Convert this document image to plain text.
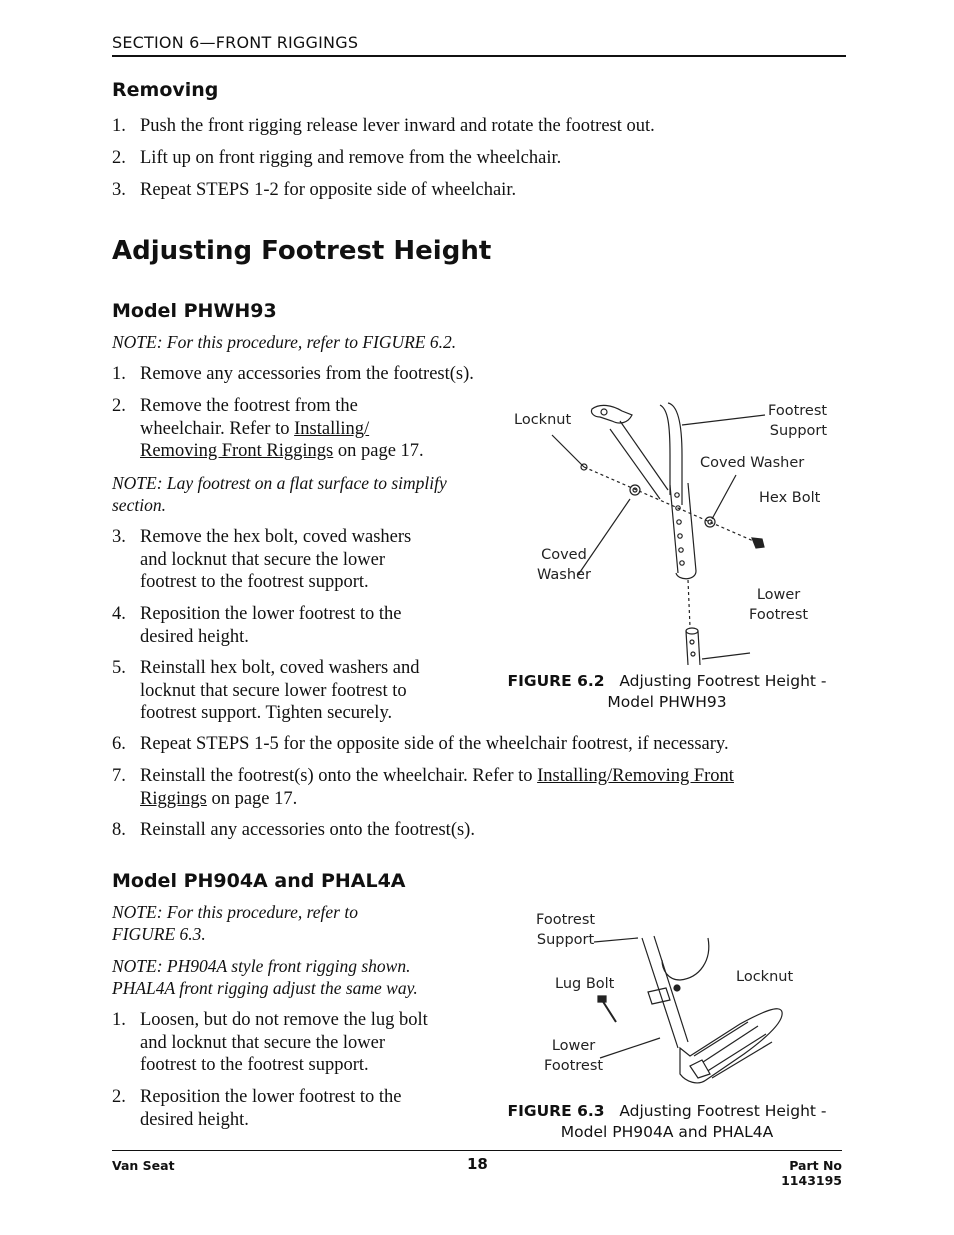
SECTION 6—FRONT RIGGINGS
Removing
1. Push the front rigging release lever inward and rotate the footrest out.
2. Lift up on front rigging and remove from the wheelchair.
3. Repeat STEPS 1-2 for opposite side of wheelchair.
Adjusting Footrest Height
Model PHWH93
NOTE: For this procedure, refer to FIGURE 6.2.
1. Remove any accessories from the footrest(s).
2. Remove the footrest from the
wheelchair. Refer to Installing/
Removing Front Riggings on page 17.
NOTE: Lay footrest on a flat surface to simplify
section.
3. Remove the hex bolt, coved washers
and locknut that secure the lower
footrest to the footrest support.
4. Reposition the lower footrest to the
desired height.
5. Reinstall hex bolt, coved washers and
locknut that secure lower footrest to
footrest support. Tighten securely.
6. Repeat STEPS 1-5 for the opposite side of the wheelchair footrest, if necessary.
7. Reinstall the footrest(s) onto the wheelchair. Refer to Installing/Removing Front
Riggings on page 17.
8. Reinstall any accessories onto the footrest(s).
Locknut
Footrest
Support
Coved Washer
Hex Bolt
Coved
Washer
Lower
Footrest
FIGURE 6.2 Adjusting Footrest Height -
Model PHWH93
Model PH904A and PHAL4A
NOTE: For this procedure, refer to
FIGURE 6.3.
NOTE: PH904A style front rigging shown.
PHAL4A front rigging adjust the same way.
1. Loosen, but do not remove the lug bolt
and locknut that secure the lower
footrest to the footrest support.
2. Reposition the lower footrest to the
desired height.
Footrest
Support
Lug Bolt	Locknut
Lower
Footrest
FIGURE 6.3 Adjusting Footrest Height -
Model PH904A and PHAL4A
Van Seat	18	Part No 1143195
